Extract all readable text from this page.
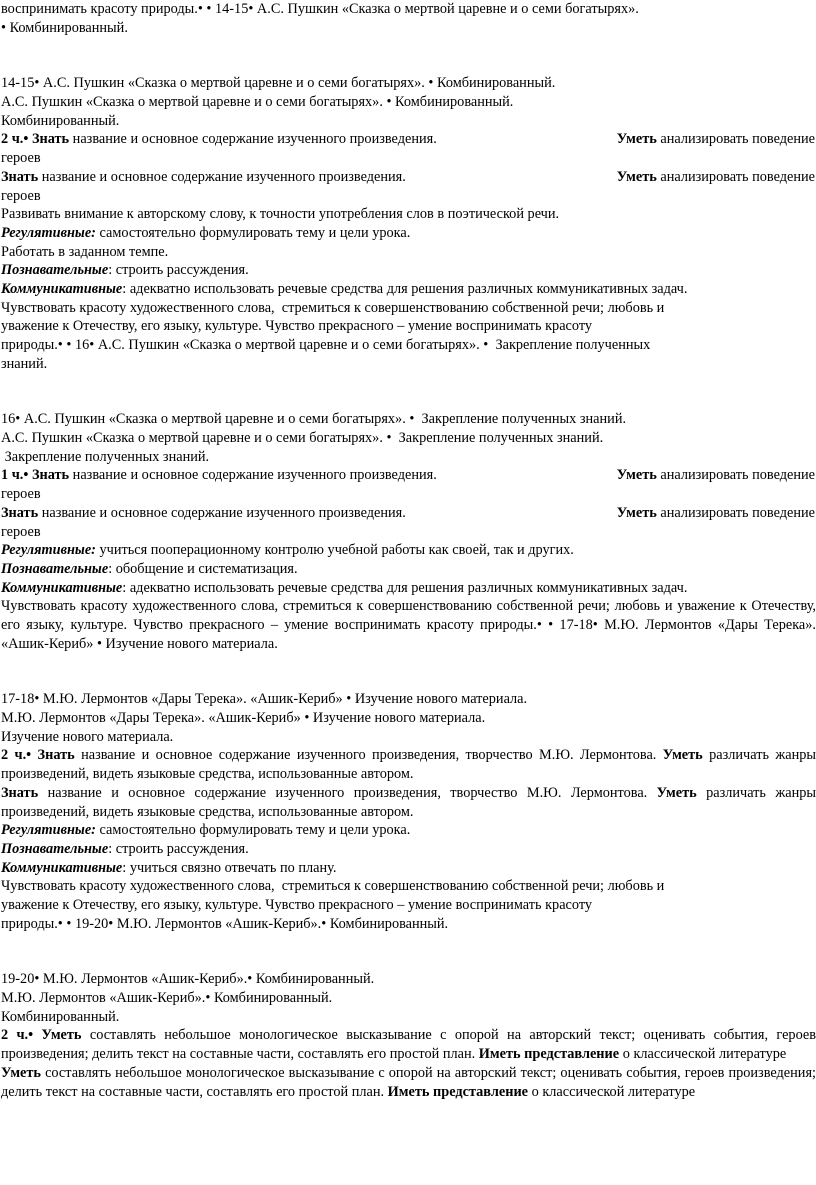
воспринимать красоту природы.• • 14-15• А.С. Пушкин «Сказка о мертвой царевне и о семи богатырях».
• Комбинированный.
14-15• А.С. Пушкин «Сказка о мертвой царевне и о семи богатырях». • Комбинированный.
А.С. Пушкин «Сказка о мертвой царевне и о семи богатырях». • Комбинированный.
Комбинированный.
2 ч.• Знать название и основное содержание изученного произведения.	Уметь анализировать поведение
героев
Знать название и основное содержание изученного произведения.	Уметь анализировать поведение
героев
Развивать внимание к авторскому слову, к точности употребления слов в поэтической речи.
Регулятивные: самостоятельно формулировать тему и цели урока.
Работать в заданном темпе.
Познавательные: строить рассуждения.
Коммуникативные: адекватно использовать речевые средства для решения различных коммуникативных задач.
Чувствовать красоту художественного слова,  стремиться к совершенствованию собственной речи; любовь и
уважение к Отечеству, его языку, культуре. Чувство прекрасного – умение воспринимать красоту
природы.• • 16• А.С. Пушкин «Сказка о мертвой царевне и о семи богатырях». •  Закрепление полученных
знаний.
16• А.С. Пушкин «Сказка о мертвой царевне и о семи богатырях». •  Закрепление полученных знаний.
А.С. Пушкин «Сказка о мертвой царевне и о семи богатырях». •  Закрепление полученных знаний.
Закрепление полученных знаний.
1 ч.• Знать название и основное содержание изученного произведения.	Уметь анализировать поведение
героев
Знать название и основное содержание изученного произведения.	Уметь анализировать поведение
героев
Регулятивные: учиться пооперационному контролю учебной работы как своей, так и других.
Познавательные: обобщение и систематизация.
Коммуникативные: адекватно использовать речевые средства для решения различных коммуникативных задач.
Чувствовать красоту художественного слова, стремиться к совершенствованию собственной речи; любовь и уважение к Отечеству, его языку, культуре. Чувство прекрасного – умение воспринимать красоту природы.• • 17-18• М.Ю. Лермонтов «Дары Терека». «Ашик-Кериб» • Изучение нового материала.
17-18• М.Ю. Лермонтов «Дары Терека». «Ашик-Кериб» • Изучение нового материала.
М.Ю. Лермонтов «Дары Терека». «Ашик-Кериб» • Изучение нового материала.
Изучение нового материала.
2 ч.• Знать название и основное содержание изученного произведения, творчество М.Ю. Лермонтова. Уметь различать жанры произведений, видеть языковые средства, использованные автором.
Знать название и основное содержание изученного произведения, творчество М.Ю. Лермонтова. Уметь различать жанры произведений, видеть языковые средства, использованные автором.
Регулятивные: самостоятельно формулировать тему и цели урока.
Познавательные: строить рассуждения.
Коммуникативные: учиться связно отвечать по плану.
Чувствовать красоту художественного слова,  стремиться к совершенствованию собственной речи; любовь и
уважение к Отечеству, его языку, культуре. Чувство прекрасного – умение воспринимать красоту
природы.• • 19-20• М.Ю. Лермонтов «Ашик-Кериб».• Комбинированный.
19-20• М.Ю. Лермонтов «Ашик-Кериб».• Комбинированный.
М.Ю. Лермонтов «Ашик-Кериб».• Комбинированный.
Комбинированный.
2 ч.• Уметь составлять небольшое монологическое высказывание с опорой на авторский текст; оценивать события, героев произведения; делить текст на составные части, составлять его простой план. Иметь представление о классической литературе
Уметь составлять небольшое монологическое высказывание с опорой на авторский текст; оценивать события, героев произведения; делить текст на составные части, составлять его простой план. Иметь представление о классической литературе
